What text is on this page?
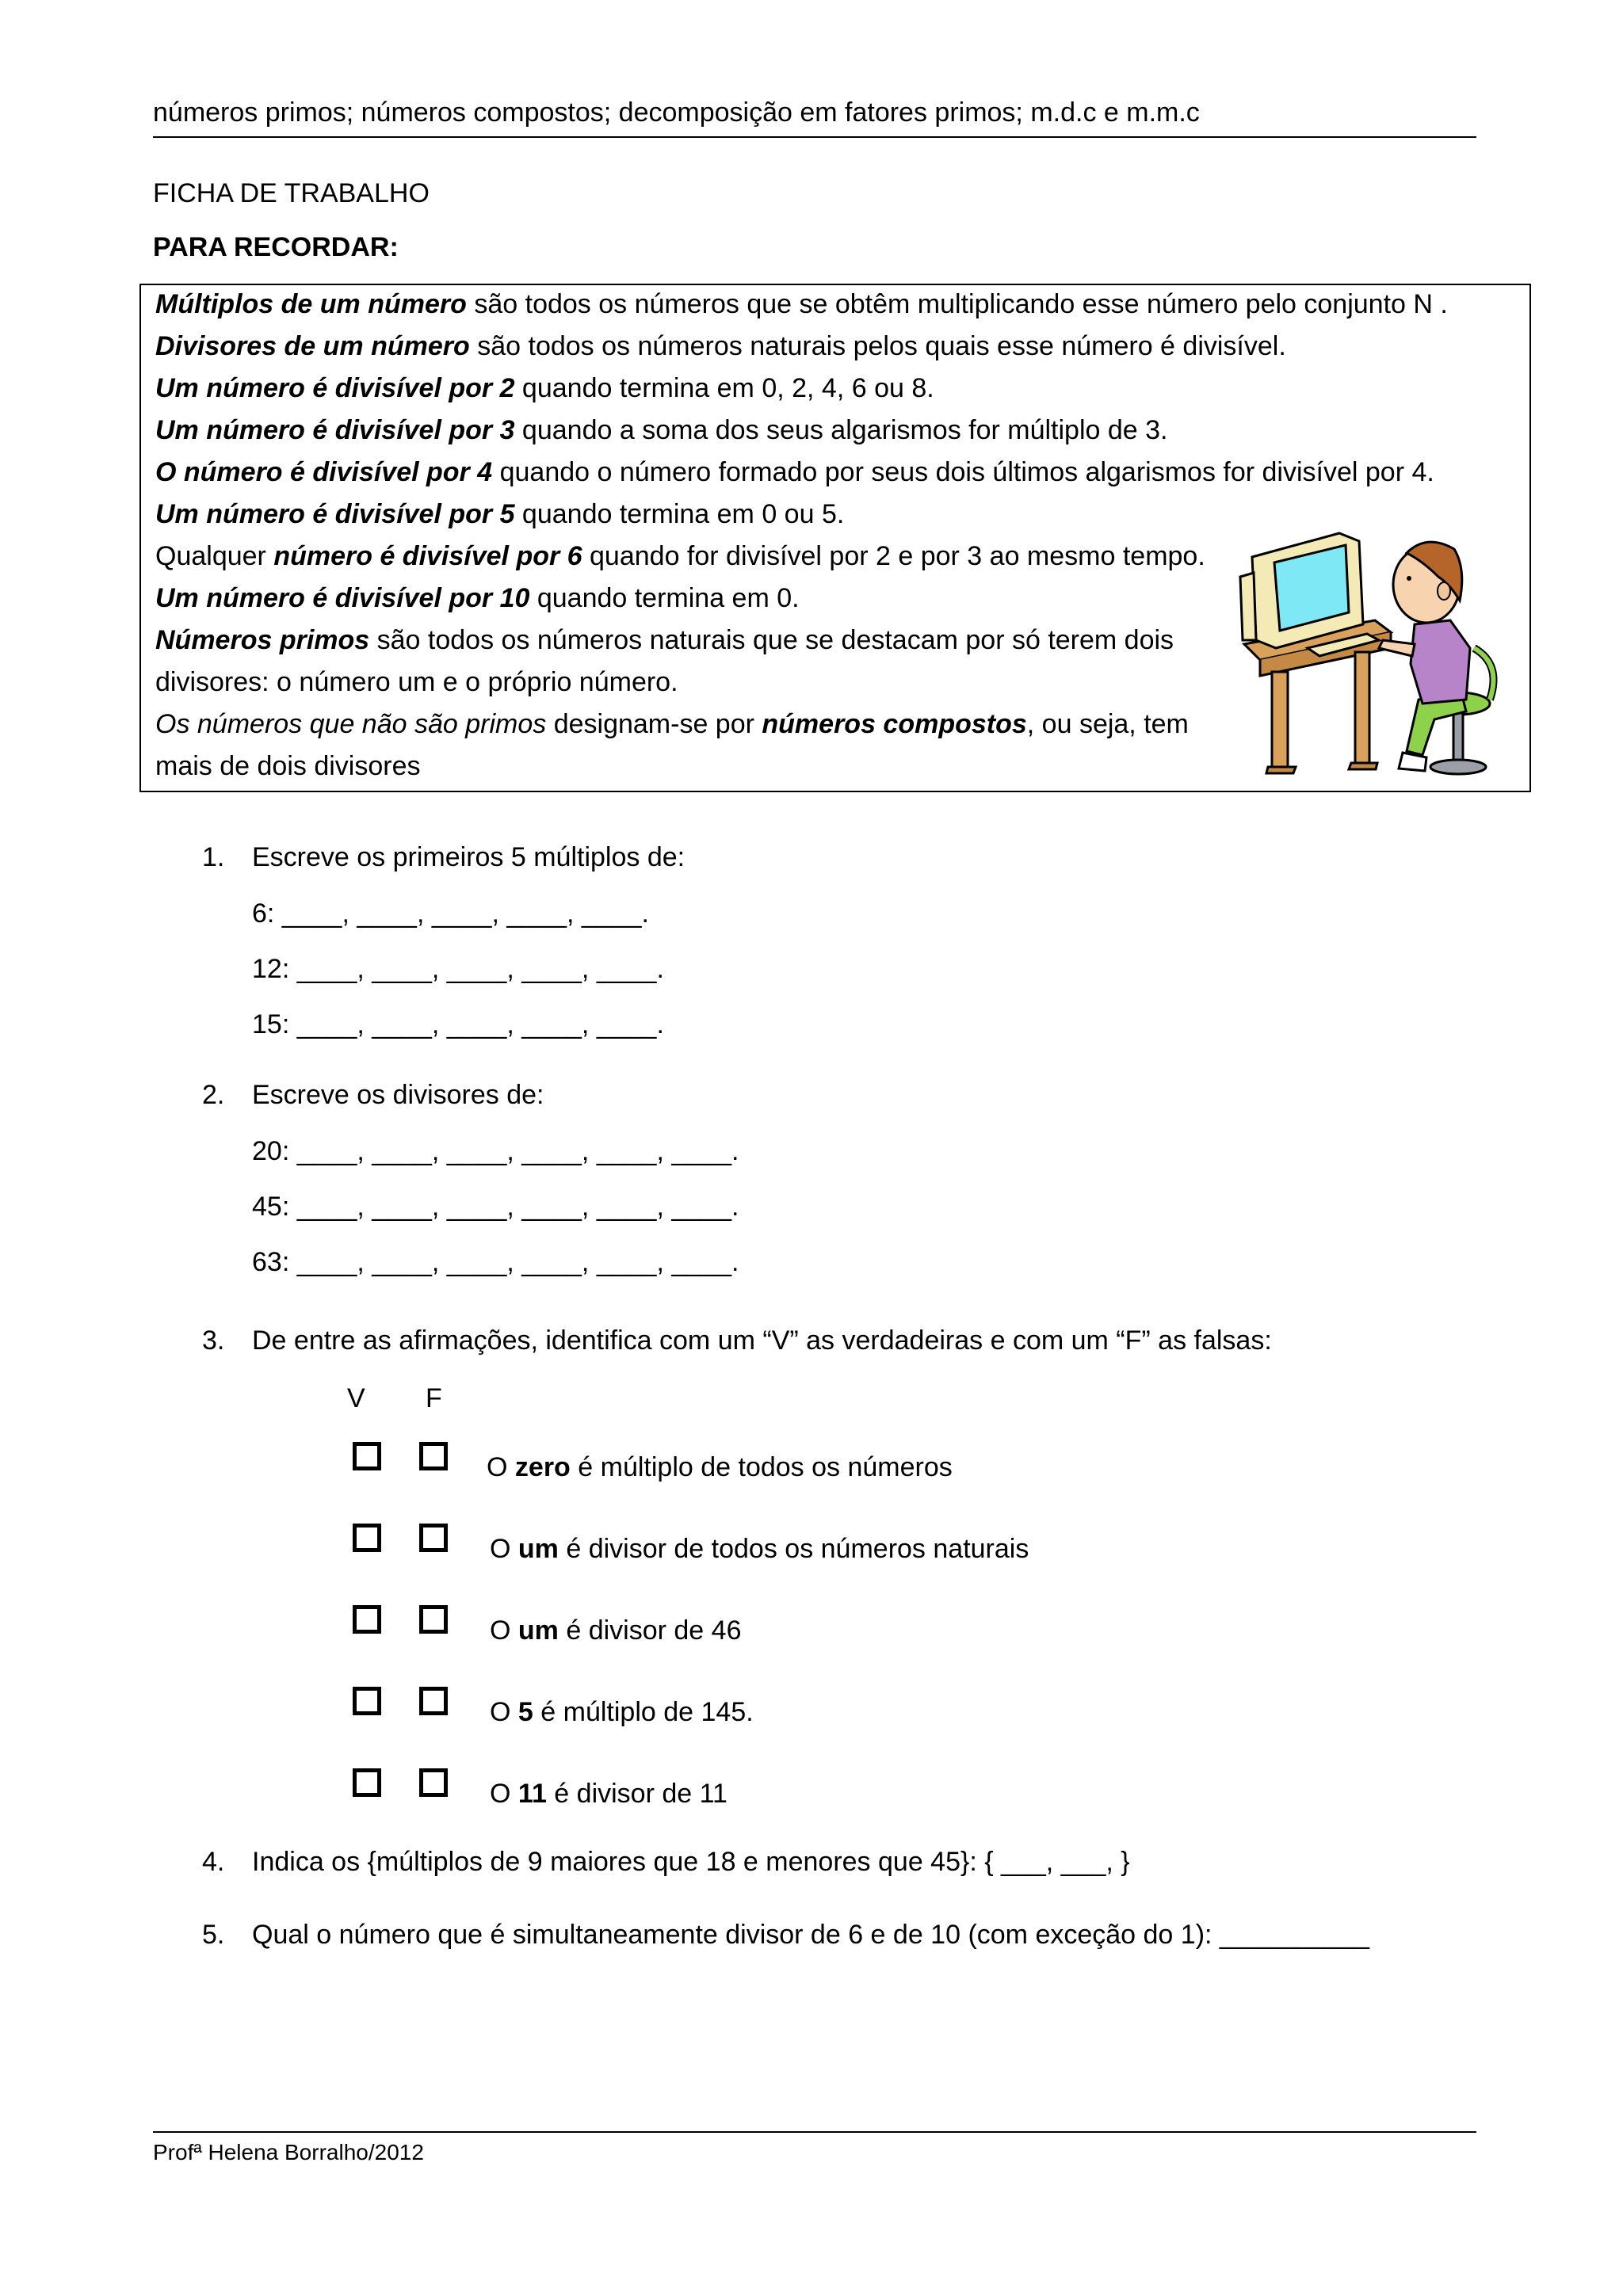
números primos; números compostos; decomposição em fatores primos; m.d.c e m.m.c
FICHA DE TRABALHO
PARA RECORDAR:
Múltiplos de um número são todos os números que se obtêm multiplicando esse número pelo conjunto N .
Divisores de um número são todos os números naturais pelos quais esse número é divisível.
Um número é divisível por 2 quando termina em 0, 2, 4, 6 ou 8.
Um número é divisível por 3 quando a soma dos seus algarismos for múltiplo de 3.
O número é divisível por 4 quando o número formado por seus dois últimos algarismos for divisível por 4.
Um número é divisível por 5 quando termina em 0 ou 5.
Qualquer número é divisível por 6 quando for divisível por 2 e por 3 ao mesmo tempo.
Um número é divisível por 10 quando termina em 0.
Números primos são todos os números naturais que se destacam por só terem dois
divisores: o número um e o próprio número.
Os números que não são primos designam-se por números compostos, ou seja, tem
mais de dois divisores
1. Escreve os primeiros 5 múltiplos de:
6: ____, ____, ____, ____, ____.
12: ____, ____, ____, ____, ____.
15: ____, ____, ____, ____, ____.
2. Escreve os divisores de:
20: ____, ____, ____, ____, ____, ____.
45: ____, ____, ____, ____, ____, ____.
63: ____, ____, ____, ____, ____, ____.
3. De entre as afirmações, identifica com um “V” as verdadeiras e com um “F” as falsas:
V F
O zero é múltiplo de todos os números
O um é divisor de todos os números naturais
O um é divisor de 46
O 5 é múltiplo de 145.
O 11 é divisor de 11
4. Indica os {múltiplos de 9 maiores que 18 e menores que 45}: { ___, ___, }
5. Qual o número que é simultaneamente divisor de 6 e de 10 (com exceção do 1): __________
Profª Helena Borralho/2012
